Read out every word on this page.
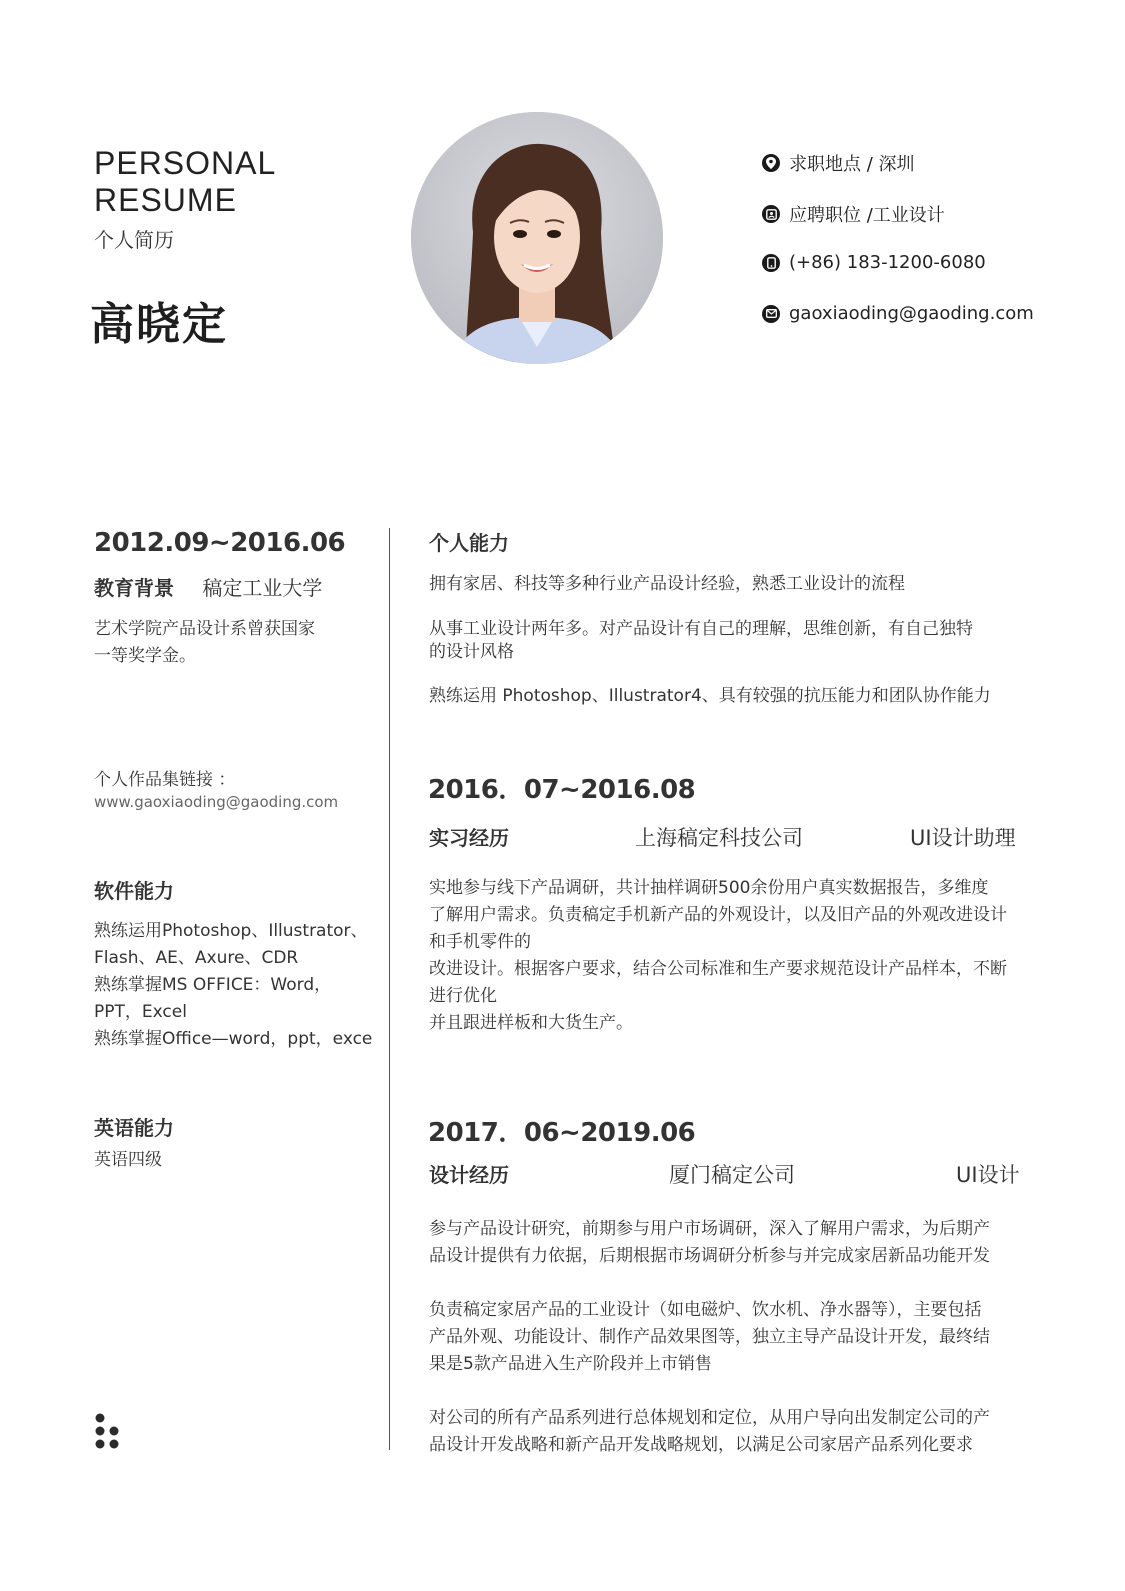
PERSONAL
RESUME
个人简历
高晓定
求职地点 / 深圳
应聘职位 /工业设计
(+86) 183-1200-6080
gaoxiaoding@gaoding.com
2012.09~2016.06
教育背景 稿定工业大学
艺术学院产品设计系曾获国家
一等奖学金。
个人作品集链接 ：
www.gaoxiaoding@gaoding.com
软件能力
熟练运用Photoshop、Illustrator、
Flash、AE、Axure、CDR
熟练掌握MS OFFICE：Word，
PPT，Excel
熟练掌握Office—word，ppt，exce
英语能力
英语四级
个人能力
拥有家居、科技等多种行业产品设计经验，熟悉工业设计的流程
从事工业设计两年多。对产品设计有自己的理解，思维创新，有自己独特
的设计风格
熟练运用 Photoshop、Illustrator4、具有较强的抗压能力和团队协作能力
2016．07~2016.08
实习经历	上海稿定科技公司	UI设计助理
实地参与线下产品调研，共计抽样调研500余份用户真实数据报告，多维度
了解用户需求。负责稿定手机新产品的外观设计，以及旧产品的外观改进设计
和手机零件的
改进设计。根据客户要求，结合公司标准和生产要求规范设计产品样本，不断
进行优化
并且跟进样板和大货生产。
2017．06~2019.06
设计经历	厦门稿定公司	UI设计
参与产品设计研究，前期参与用户市场调研，深入了解用户需求，为后期产
品设计提供有力依据，后期根据市场调研分析参与并完成家居新品功能开发
负责稿定家居产品的工业设计（如电磁炉、饮水机、净水器等），主要包括
产品外观、功能设计、制作产品效果图等，独立主导产品设计开发，最终结
果是5款产品进入生产阶段并上市销售
对公司的所有产品系列进行总体规划和定位，从用户导向出发制定公司的产
品设计开发战略和新产品开发战略规划，以满足公司家居产品系列化要求
